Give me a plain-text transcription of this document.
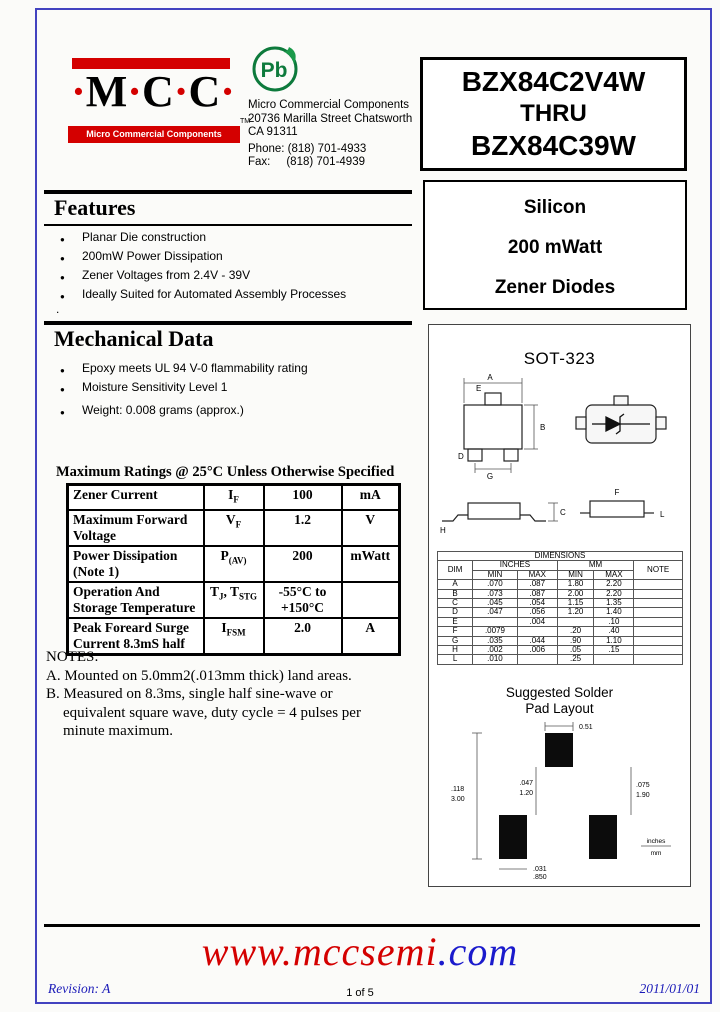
·M·C·C·
Micro Commercial Components
TM
Pb
Micro Commercial Components
20736 Marilla Street Chatsworth
CA 91311
Phone: (818) 701-4933
Fax:     (818) 701-4939
BZX84C2V4W
THRU
BZX84C39W
Silicon
200 mWatt
Zener Diodes
Features
● Planar Die construction
● 200mW Power Dissipation
● Zener Voltages from 2.4V - 39V
● Ideally Suited for Automated Assembly Processes
.
Mechanical Data
● Epoxy meets UL 94 V-0 flammability rating
● Moisture Sensitivity Level 1
● Weight: 0.008 grams (approx.)
Maximum Ratings @ 25°C Unless Otherwise Specified
Zener Current	$I_F$	100	mA
Maximum Forward Voltage	$V_F$	1.2	V
Power Dissipation (Note 1)	$P_{(AV)}$	200	mWatt
Operation And Storage Temperature	$T_J$, $T_{STG}$	-55°C to +150°C	
Peak Foreard Surge Current 8.3mS half	$I_{FSM}$	2.0	A
NOTES:
A. Mounted on 5.0mm2(.013mm thick) land areas.
B. Measured on 8.3ms, single half sine-wave or
equivalent square wave, duty cycle = 4 pulses per
minute maximum.
SOT-323
A
B
E
G
D
C
H
F
L
DIMENSIONS					
DIM	INCHES		MM		NOTE
	MIN	MAX	MIN	MAX	
A	.070	.087	1.80	2.20	
B	.073	.087	2.00	2.20	
C	.045	.054	1.15	1.35	
D	.047	.056	1.20	1.40	
E		.004		.10	
F	.0079		.20	.40	
G	.035	.044	.90	1.10	
H	.002	.006	.05	.15	
L	.010		.25		
Suggested Solder
Pad Layout
0.51
.047
1.20
.118
3.00
.075
1.90
.031
.850
inches
mm
www.mccsemi.com
Revision: A	1 of 5	2011/01/01
